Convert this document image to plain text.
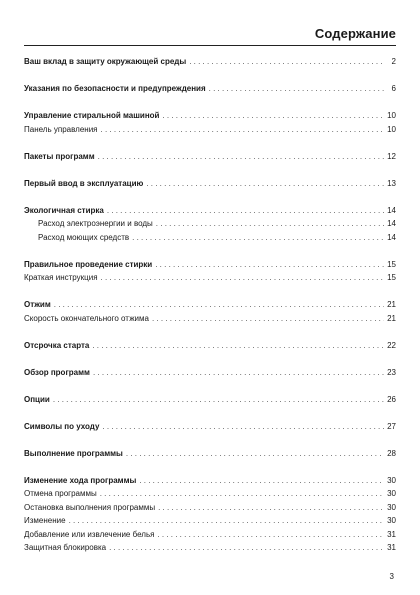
Содержание
Ваш вклад в защиту окружающей среды . . .	2
Указания по безопасности и предупреждения . . .	6
Управление стиральной машиной . . .	10
Панель управления . . .	10
Пакеты программ . . .	12
Первый ввод в эксплуатацию . . .	13
Экологичная стирка . . .	14
Расход электроэнергии и воды . . .	14
Расход моющих средств . . .	14
Правильное проведение стирки . . .	15
Краткая инструкция . . .	15
Отжим . . .	21
Скорость окончательного отжима . . .	21
Отсрочка старта . . .	22
Обзор программ . . .	23
Опции . . .	26
Символы по уходу . . .	27
Выполнение программы . . .	28
Изменение хода программы . . .	30
Отмена программы . . .	30
Остановка выполнения программы . . .	30
Изменение . . .	30
Добавление или извлечение белья . . .	31
Защитная блокировка . . .	31
3
